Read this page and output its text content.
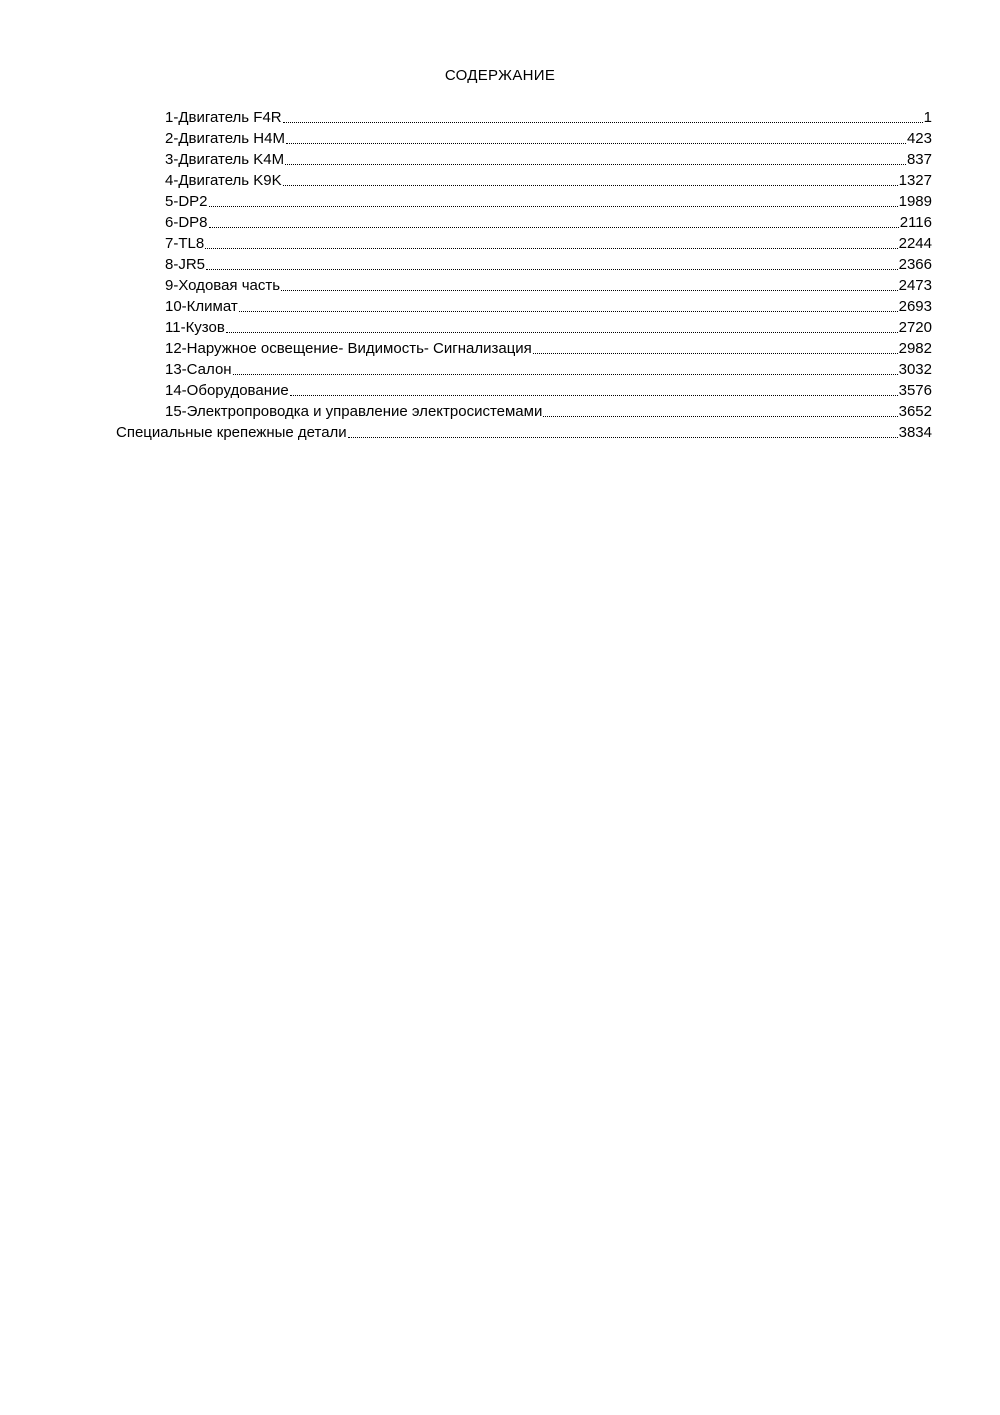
СОДЕРЖАНИЕ
1-Двигатель F4R	1
2-Двигатель H4M	423
3-Двигатель K4M	837
4-Двигатель K9K	1327
5-DP2	1989
6-DP8	2116
7-TL8	2244
8-JR5	2366
9-Ходовая часть	2473
10-Климат	2693
11-Кузов	2720
12-Наружное освещение- Видимость- Сигнализация	2982
13-Салон	3032
14-Оборудование	3576
15-Электропроводка и управление электросистемами	3652
Специальные крепежные детали	3834
